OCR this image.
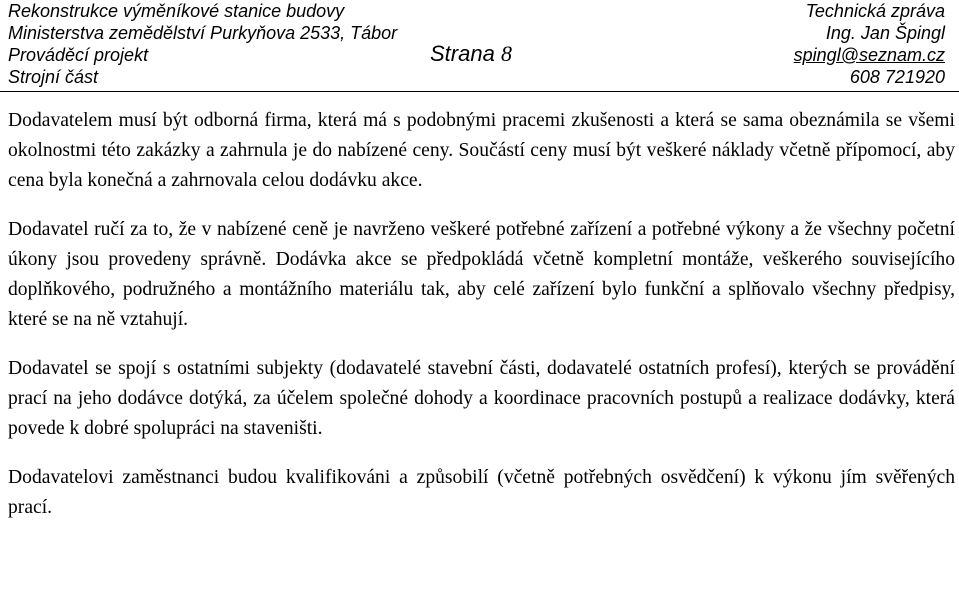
Rekonstrukce výměníkové stanice budovy
Ministerstva zemědělství Purkyňova 2533, Tábor
Prováděcí projekt
Strojní část
Strana 8
Technická zpráva
Ing. Jan Špingl
spingl@seznam.cz
608 721920

Dodavatelem musí být odborná firma, která má s podobnými pracemi zkušenosti a která se sama obeznámila se všemi okolnostmi této zakázky a zahrnula je do nabízené ceny. Součástí ceny musí být veškeré náklady včetně přípomocí, aby cena byla konečná a zahrnovala celou dodávku akce.

Dodavatel ručí za to, že v nabízené ceně je navrženo veškeré potřebné zařízení a potřebné výkony a že všechny početní úkony jsou provedeny správně. Dodávka akce se předpokládá včetně kompletní montáže, veškerého souvisejícího doplňkového, podružného a montážního materiálu tak, aby celé zařízení bylo funkční a splňovalo všechny předpisy, které se na ně vztahují.

Dodavatel se spojí s ostatními subjekty (dodavatelé stavební části, dodavatelé ostatních profesí), kterých se provádění prací na jeho dodávce dotýká, za účelem společné dohody a koordinace pracovních postupů a realizace dodávky, která povede k dobré spolupráci na staveništi.

Dodavatelovi zaměstnanci budou kvalifikováni a způsobilí (včetně potřebných osvědčení) k výkonu jím svěřených prací.
